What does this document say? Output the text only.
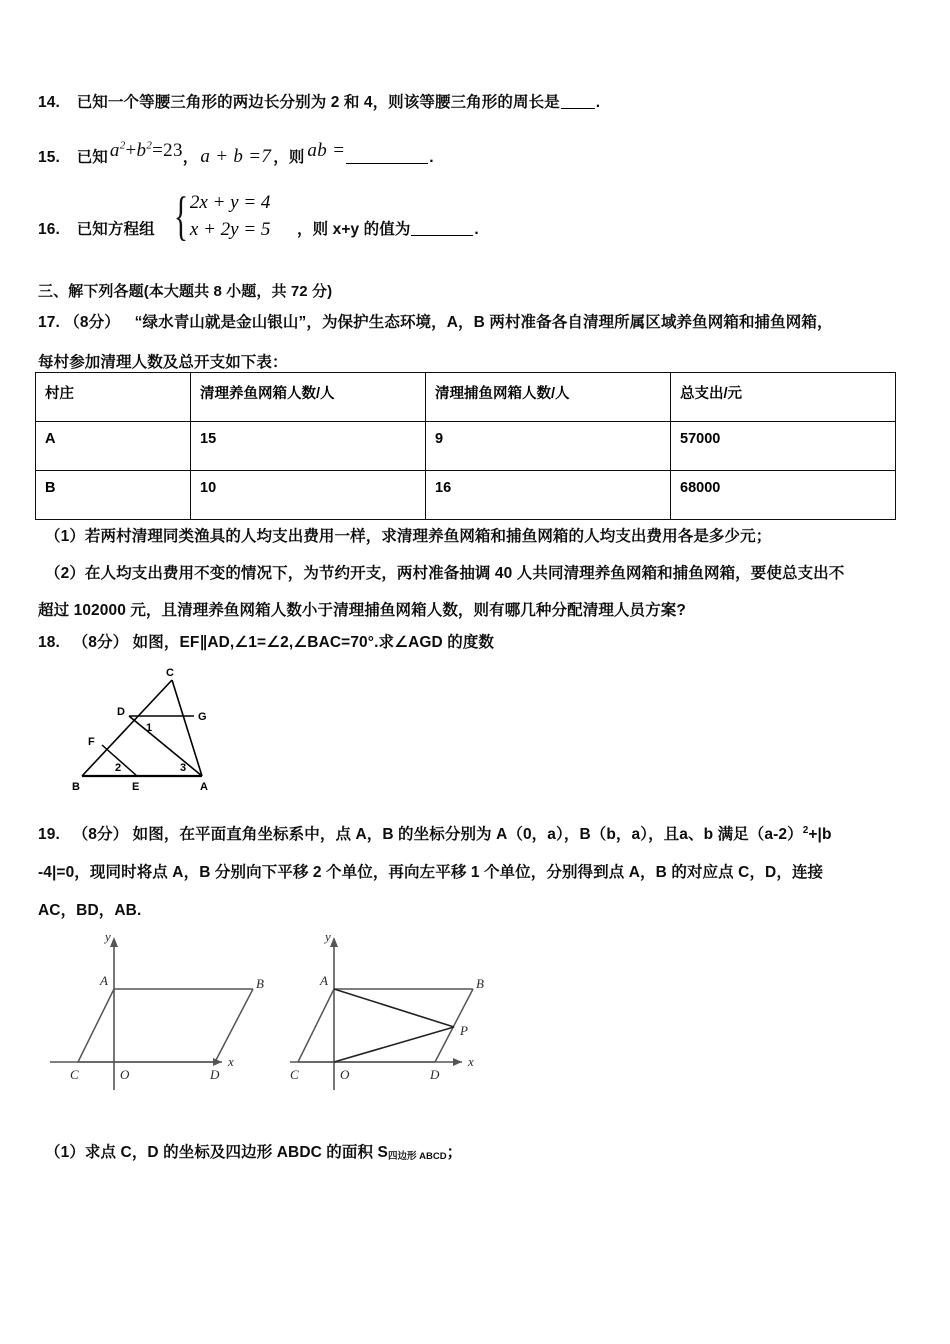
14. 已知一个等腰三角形的两边长分别为 2 和 4，则该等腰三角形的周长是 .
15. 已知 $a^2+b^2=23$， a + b =7 ，则 ab =	.
16. 已知方程组 { 2x + y = 4
x + 2y = 5 ，则 x+y 的值为	.
三、解下列各题(本大题共 8 小题，共 72 分)
17. （8分） “绿水青山就是金山银山”，为保护生态环境，A，B 两村准备各自清理所属区域养鱼网箱和捕鱼网箱，
每村参加清理人数及总开支如下表：
村庄	清理养鱼网箱人数/人	清理捕鱼网箱人数/人	总支出/元
A	15	9	57000
B	10	16	68000
（1）若两村清理同类渔具的人均支出费用一样，求清理养鱼网箱和捕鱼网箱的人均支出费用各是多少元；
（2）在人均支出费用不变的情况下，为节约开支，两村准备抽调 40 人共同清理养鱼网箱和捕鱼网箱，要使总支出不
超过 102000 元，且清理养鱼网箱人数小于清理捕鱼网箱人数，则有哪几种分配清理人员方案?
18. （8分） 如图，EF∥AD,∠1=∠2,∠BAC=70°.求∠AGD 的度数
C
D	G
F
B	E	A
1
2	3
19. （8分） 如图，在平面直角坐标系中，点 A，B 的坐标分别为 A（0，a），B（b，a），且a、b 满足（a‑2）$^2$+|b
‑4|=0，现同时将点 A，B 分别向下平移 2 个单位，再向左平移 1 个单位，分别得到点 A，B 的对应点 C，D，连接
AC，BD，AB.
y
x
A	B
C	O	D
y
x
A	B
C	O	D
P
（1）求点 C，D 的坐标及四边形 ABDC 的面积 $S_{四边形 ABCD}$；
